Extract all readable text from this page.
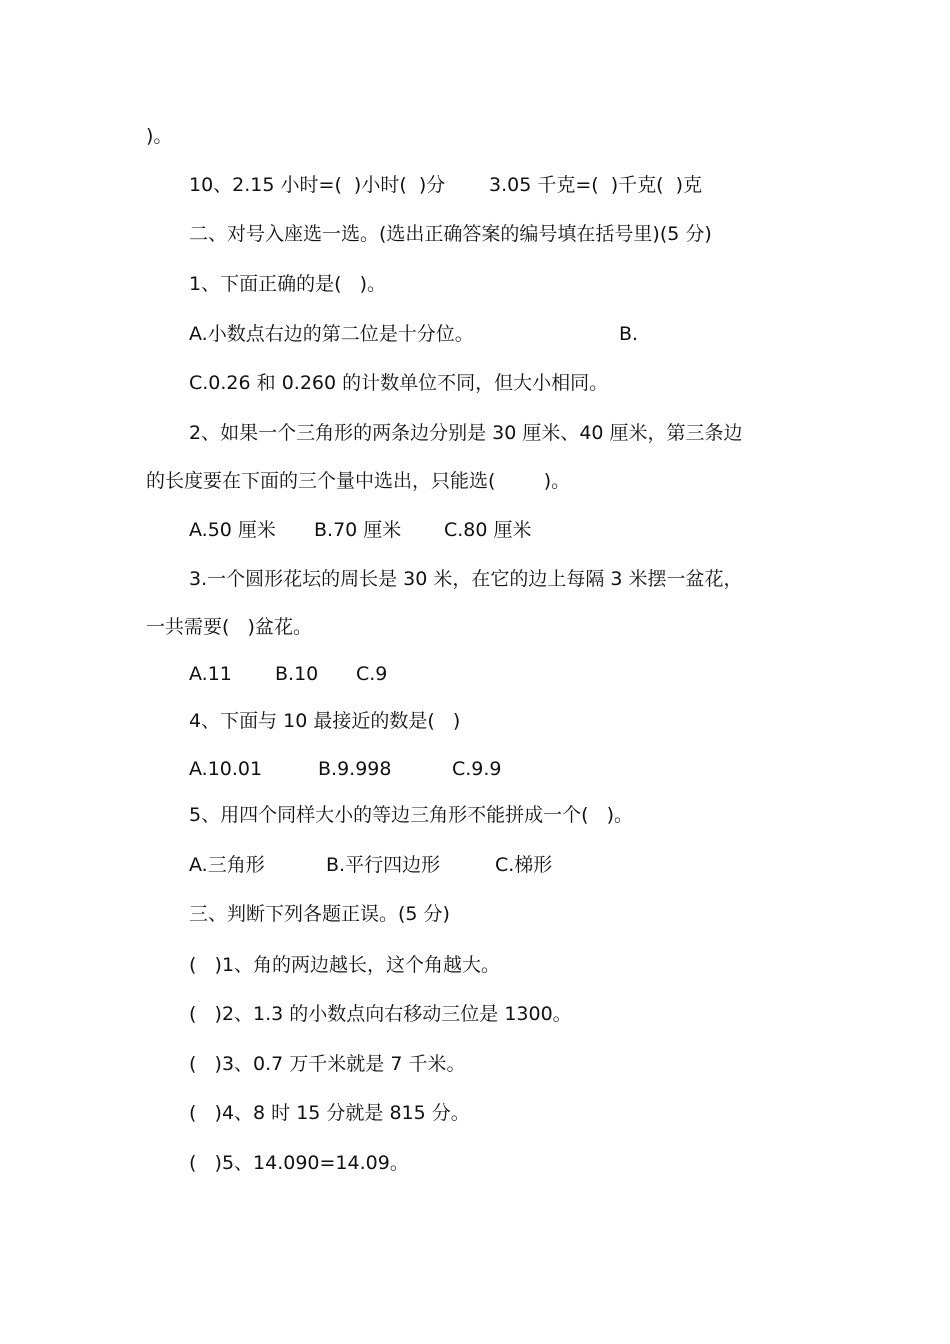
)。

10、2.15 小时=(  )小时(  )分

3.05 千克=(  )千克(  )克

二、对号入座选一选。(选出正确答案的编号填在括号里)(5 分)

1、下面正确的是(   )。

A.小数点右边的第二位是十分位。

	B.

C.0.26 和 0.260 的计数单位不同，但大小相同。

2、如果一个三角形的两条边分别是 30 厘米、40 厘米，第三条边

的长度要在下面的三个量中选出，只能选(        )。

A.50 厘米

B.70 厘米

C.80 厘米

3.一个圆形花坛的周长是 30 米，在它的边上每隔 3 米摆一盆花，

一共需要(   )盆花。

A.11

B.10

C.9

4、下面与 10 最接近的数是(   )

A.10.01

	B.9.998

	C.9.9

5、用四个同样大小的等边三角形不能拼成一个(   )。

A.三角形

	B.平行四边形

	C.梯形

三、判断下列各题正误。(5 分)

(   )1、角的两边越长，这个角越大。

(   )2、1.3 的小数点向右移动三位是 1300。

(   )3、0.7 万千米就是 7 千米。

(   )4、8 时 15 分就是 815 分。

(   )5、14.090=14.09。
